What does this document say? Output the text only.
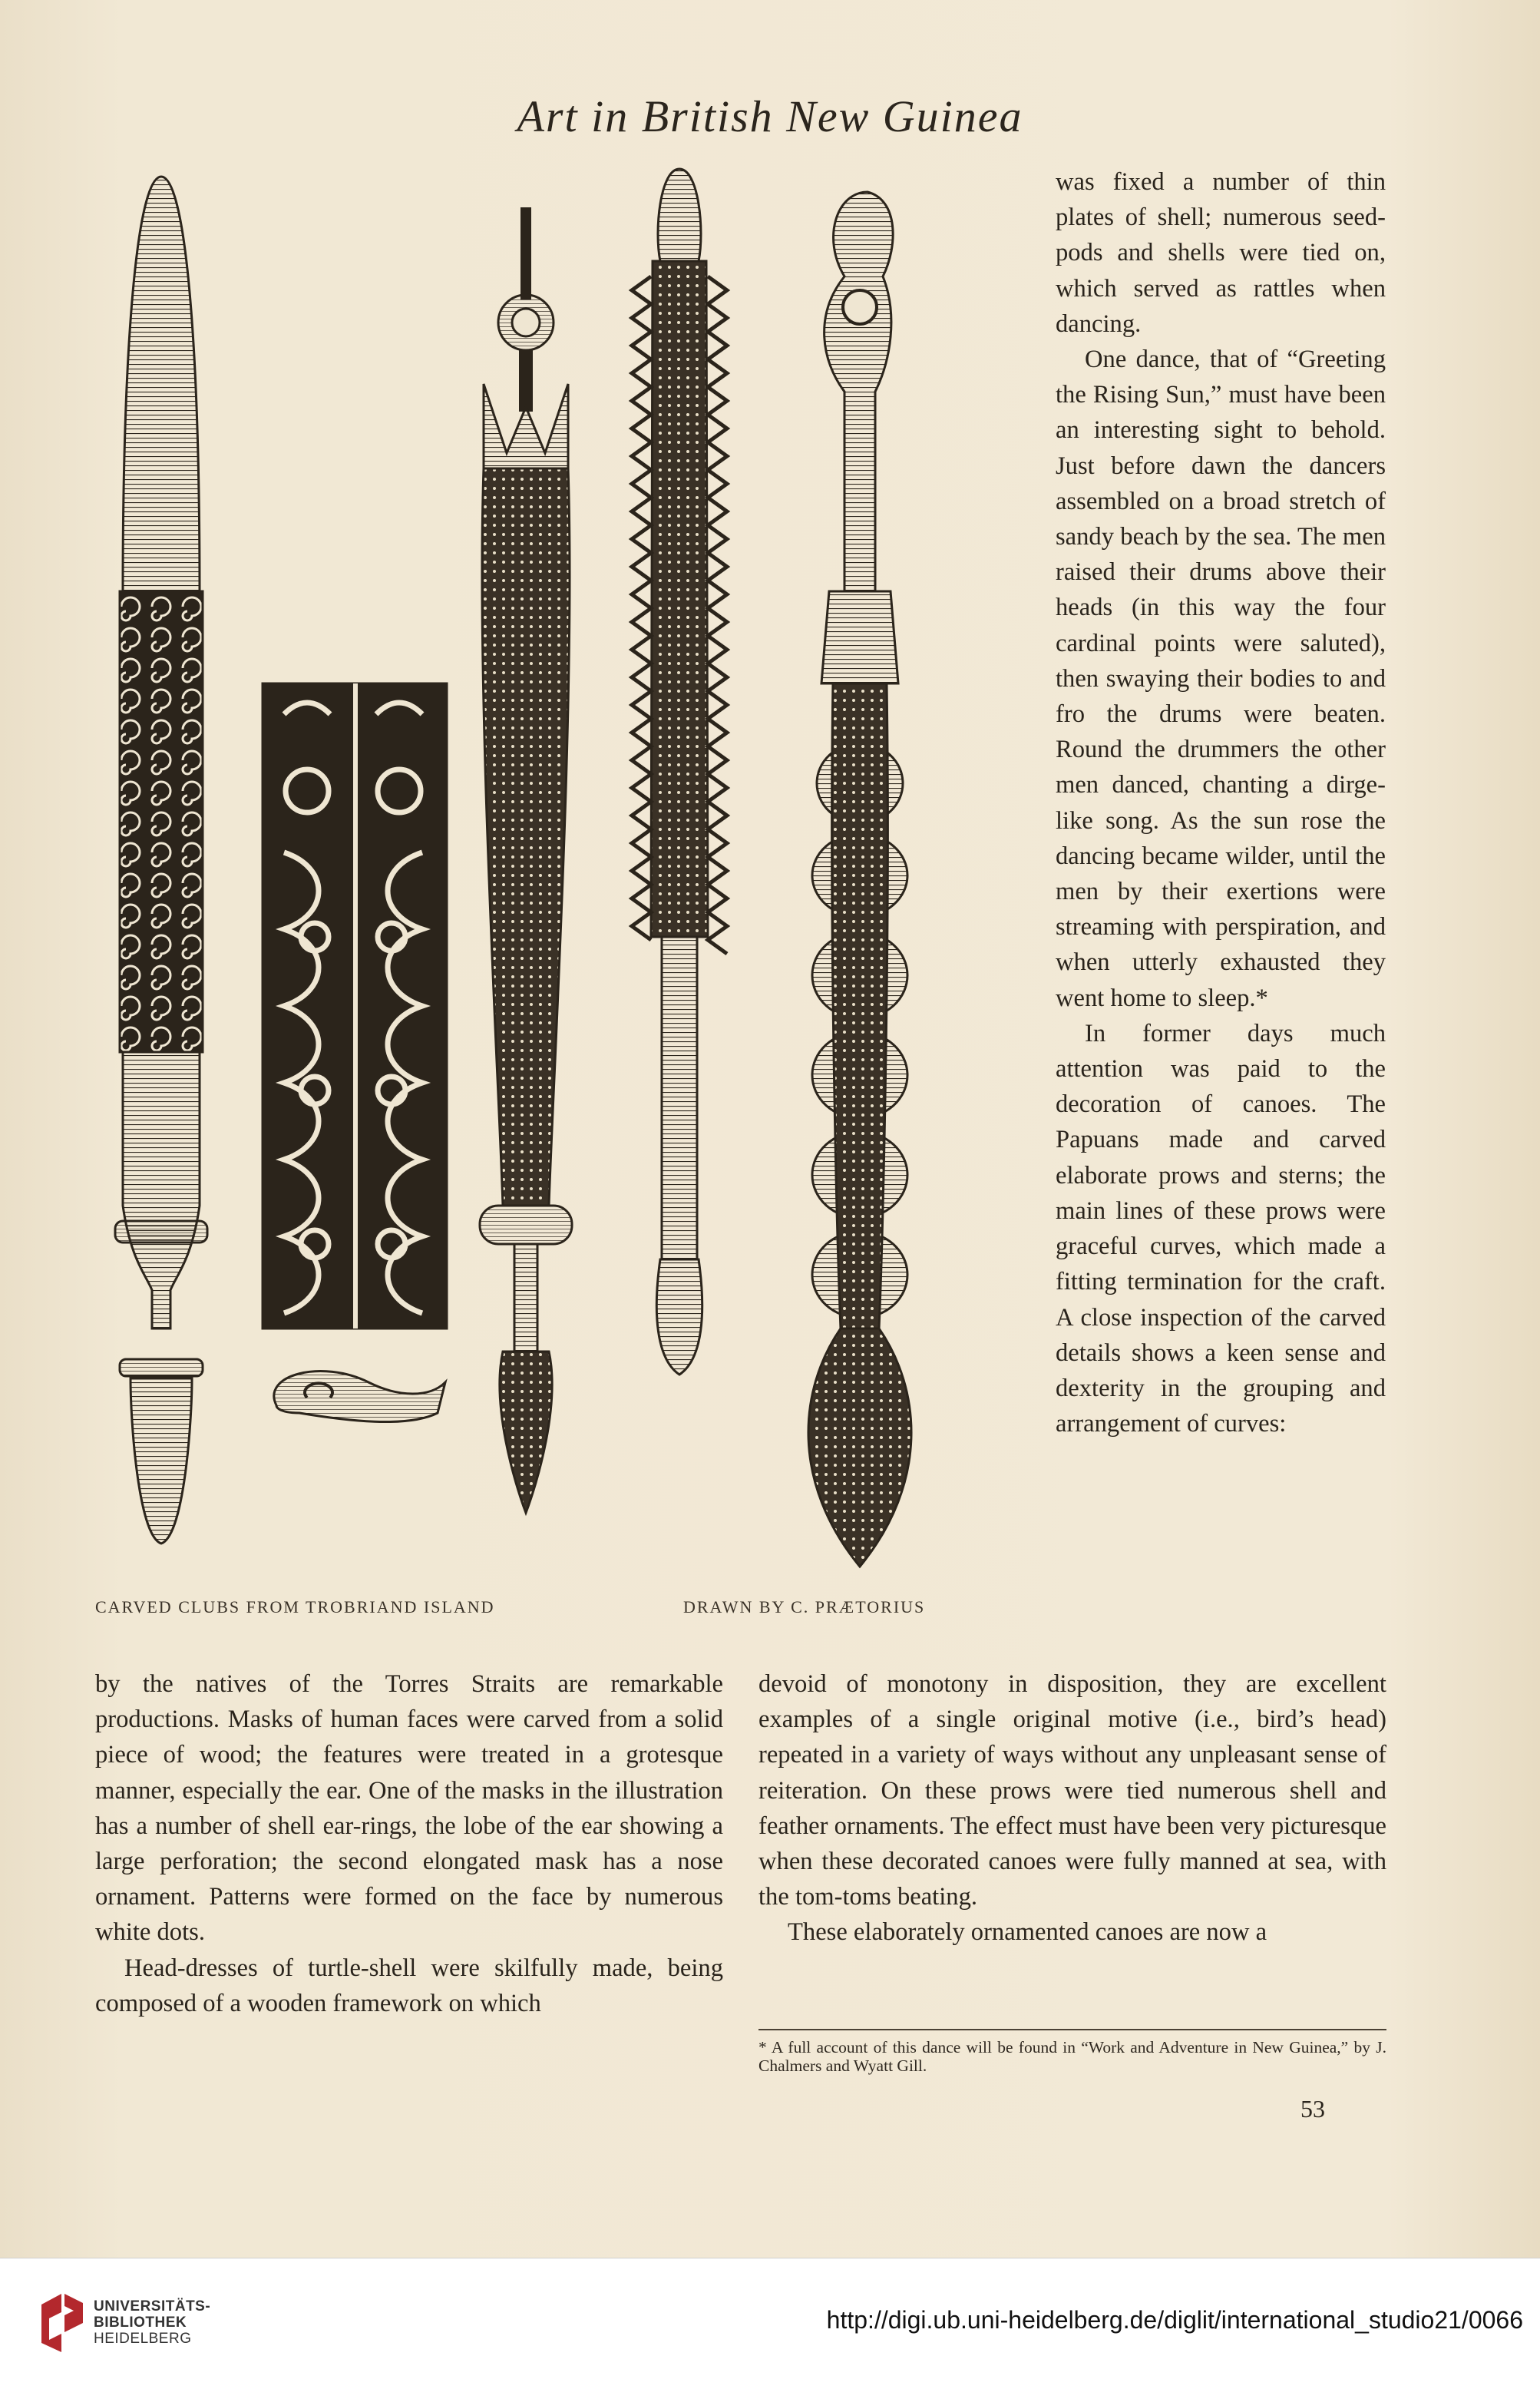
Art in British New Guinea
CARVED CLUBS FROM TROBRIAND ISLAND	DRAWN BY C. PRÆTORIUS

was fixed a number of thin plates of shell; numerous seed-pods and shells were tied on, which served as rattles when dancing.

One dance, that of “Greeting the Rising Sun,” must have been an interesting sight to behold. Just before dawn the dancers assembled on a broad stretch of sandy beach by the sea. The men raised their drums above their heads (in this way the four cardinal points were saluted), then swaying their bodies to and fro the drums were beaten. Round the drummers the other men danced, chanting a dirge-like song. As the sun rose the dancing became wilder, until the men by their exertions were streaming with perspiration, and when utterly exhausted they went home to sleep.*

In former days much attention was paid to the decoration of canoes. The Papuans made and carved elaborate prows and sterns; the main lines of these prows were graceful curves, which made a fitting termination for the craft. A close inspection of the carved details shows a keen sense and dexterity in the grouping and arrangement of curves:

by the natives of the Torres Straits are remarkable productions. Masks of human faces were carved from a solid piece of wood; the features were treated in a grotesque manner, especially the ear. One of the masks in the illustration has a number of shell ear-rings, the lobe of the ear showing a large perforation; the second elongated mask has a nose ornament. Patterns were formed on the face by numerous white dots.

Head-dresses of turtle-shell were skilfully made, being composed of a wooden framework on which

devoid of monotony in disposition, they are excellent examples of a single original motive (i.e., bird’s head) repeated in a variety of ways without any unpleasant sense of reiteration. On these prows were tied numerous shell and feather ornaments. The effect must have been very picturesque when these decorated canoes were fully manned at sea, with the tom-toms beating.

These elaborately ornamented canoes are now a

* A full account of this dance will be found in “Work and Adventure in New Guinea,” by J. Chalmers and Wyatt Gill.
53
UNIVERSITÄTS-
BIBLIOTHEK
HEIDELBERG
http://digi.ub.uni-heidelberg.de/diglit/international_studio21/0066
